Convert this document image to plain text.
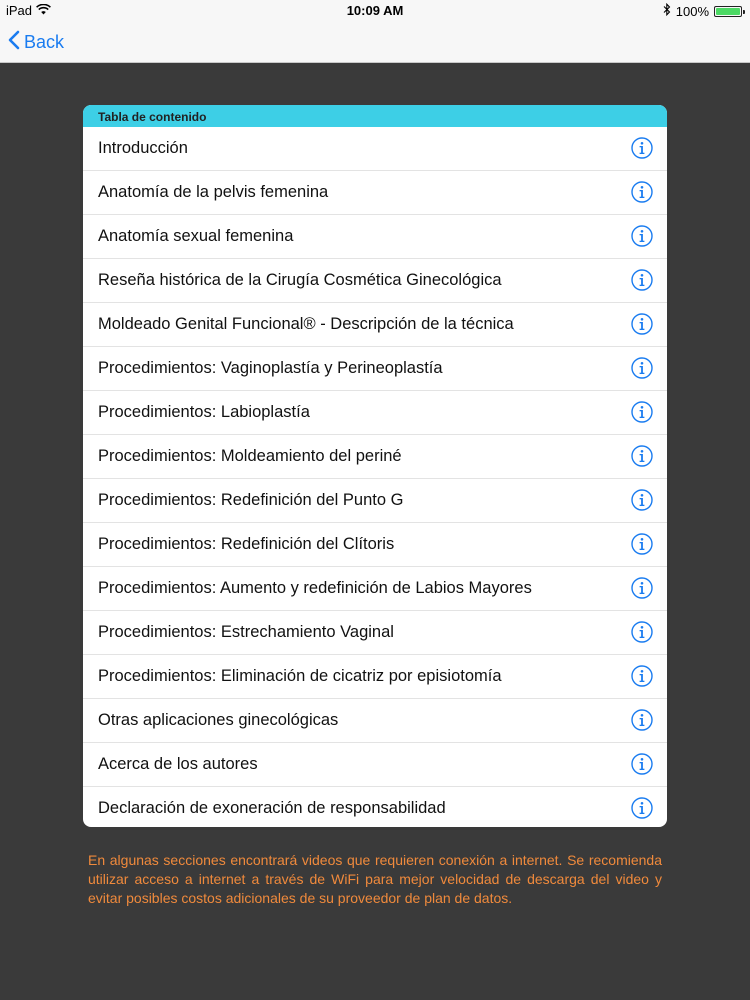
iPad	10:09 AM	100%
Back
Tabla de contenido
Introducción
Anatomía de la pelvis femenina
Anatomía sexual femenina
Reseña histórica de la Cirugía Cosmética Ginecológica
Moldeado Genital Funcional® - Descripción de la técnica
Procedimientos: Vaginoplastía y Perineoplastía
Procedimientos: Labioplastía
Procedimientos: Moldeamiento del periné
Procedimientos: Redefinición del Punto G
Procedimientos: Redefinición del Clítoris
Procedimientos: Aumento y redefinición de Labios Mayores
Procedimientos: Estrechamiento Vaginal
Procedimientos: Eliminación de cicatriz por episiotomía
Otras aplicaciones ginecológicas
Acerca de los autores
Declaración de exoneración de responsabilidad
En algunas secciones encontrará videos que requieren conexión a internet. Se recomienda utilizar acceso a internet a través de WiFi para mejor velocidad de descarga del video y evitar posibles costos adicionales de su proveedor de plan de datos.
